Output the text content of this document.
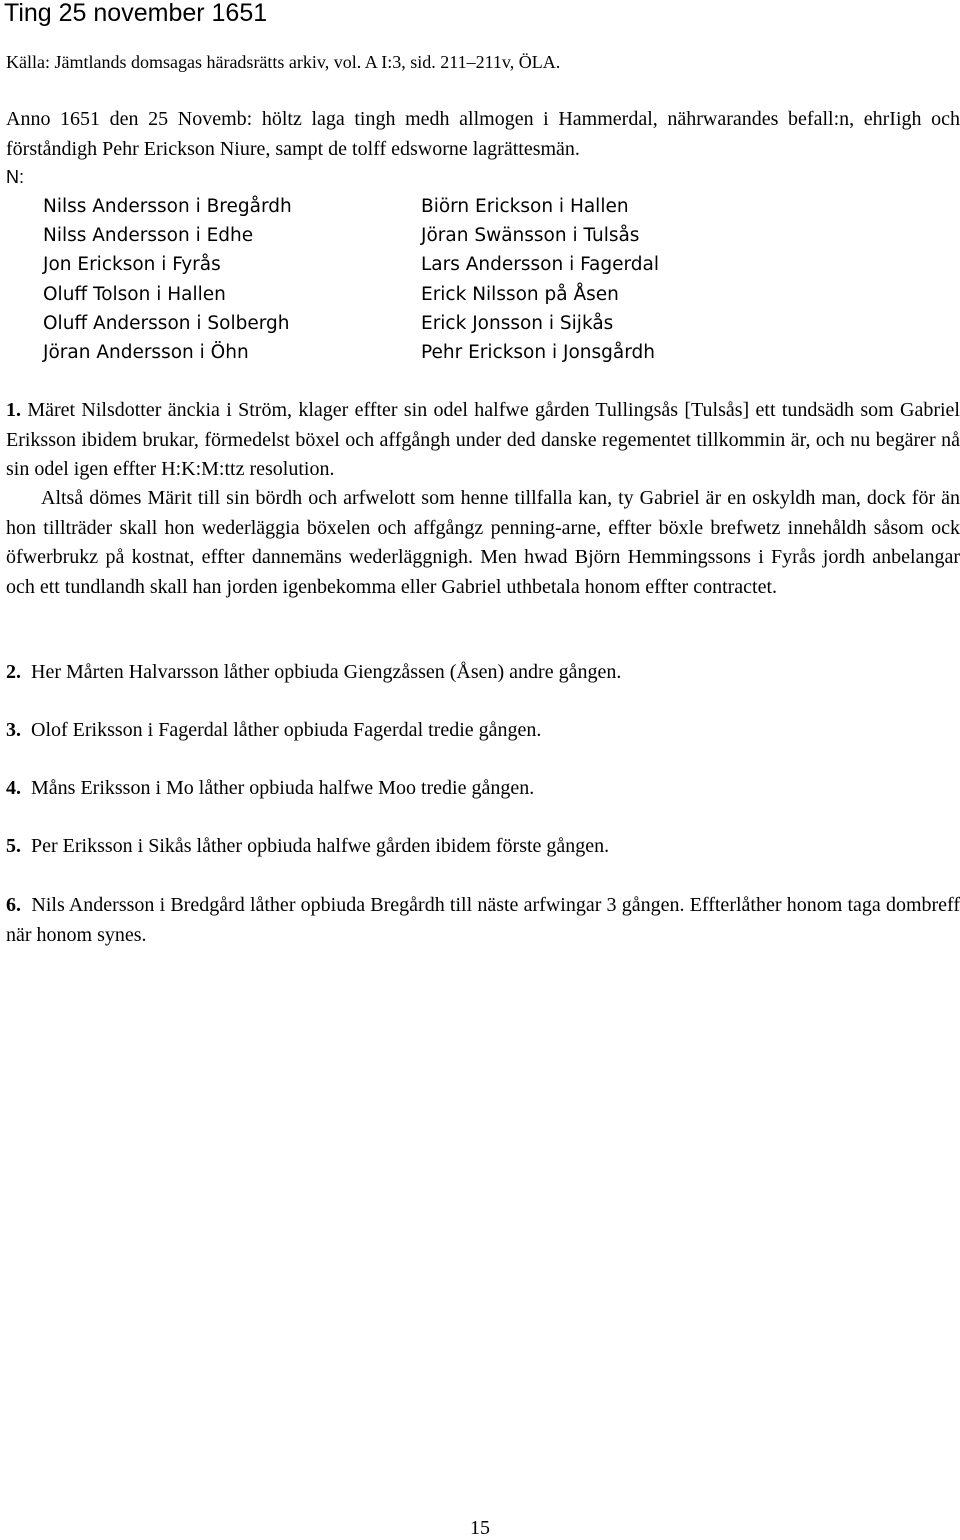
Ting 25 november 1651

Källa: Jämtlands domsagas häradsrätts arkiv, vol. A I:3, sid. 211–211v, ÖLA.

Anno 1651 den 25 Novemb: höltz laga tingh medh allmogen i Hammerdal, nährwarandes befall:n, ehrIigh och förståndigh Pehr Erickson Niure, sampt de tolff edsworne lagrättesmän.

N:

Nilss Andersson i Bregårdh
Nilss Andersson i Edhe
Jon Erickson i Fyrås
Oluff Tolson i Hallen
Oluff Andersson i Solbergh
Jöran Andersson i Öhn
Biörn Erickson i Hallen
Jöran Swänsson i Tulsås
Lars Andersson i Fagerdal
Erick Nilsson på Åsen
Erick Jonsson i Sijkås
Pehr Erickson i Jonsgårdh

1. Märet Nilsdotter änckia i Ström, klager effter sin odel halfwe gården Tullingsås [Tulsås] ett tundsädh som Gabriel Eriksson ibidem brukar, förmedelst böxel och affgångh under ded danske regementet tillkommin är, och nu begärer nå sin odel igen effter H:K:M:ttz resolution.

Altså dömes Märit till sin bördh och arfwelott som henne tillfalla kan, ty Gabriel är en oskyldh man, dock för än hon tillträder skall hon wederläggia böxelen och affgångz penning-arne, effter böxle brefwetz innehåldh såsom ock öfwerbrukz på kostnat, effter dannemäns wederläggnigh. Men hwad Björn Hemmingssons i Fyrås jordh anbelangar och ett tundlandh skall han jorden igenbekomma eller Gabriel uthbetala honom effter contractet.

2. Her Mårten Halvarsson låther opbiuda Giengzåssen (Åsen) andre gången.

3. Olof Eriksson i Fagerdal låther opbiuda Fagerdal tredie gången.

4. Måns Eriksson i Mo låther opbiuda halfwe Moo tredie gången.

5. Per Eriksson i Sikås låther opbiuda halfwe gården ibidem förste gången.

6. Nils Andersson i Bredgård låther opbiuda Bregårdh till näste arfwingar 3 gången. Effterlåther honom taga dombreff när honom synes.

15
